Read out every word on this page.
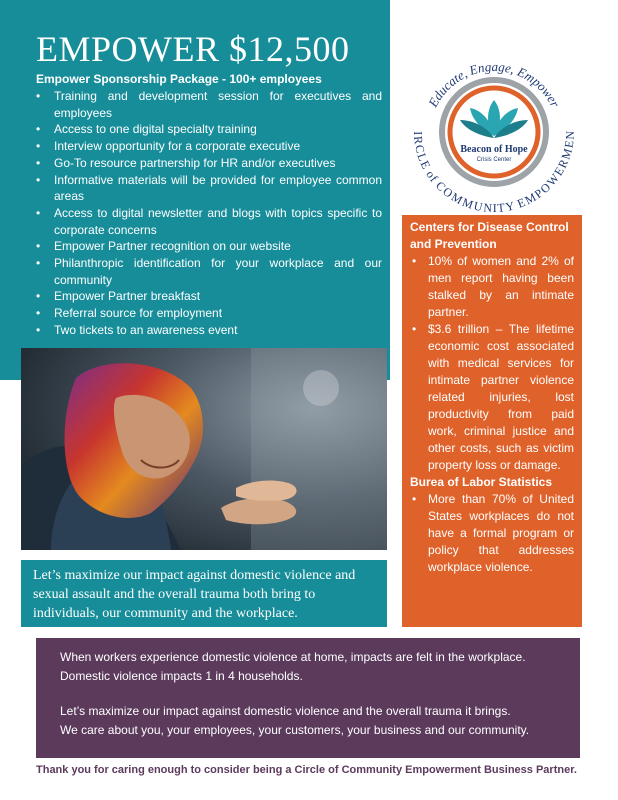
EMPOWER $12,500
Empower Sponsorship Package - 100+ employees
• Training and development session for executives and employees
• Access to one digital specialty training
• Interview opportunity for a corporate executive
• Go-To resource partnership for HR and/or executives
• Informative materials will be provided for employee common areas
• Access to digital newsletter and blogs with topics specific to corporate concerns
• Empower Partner recognition on our website
• Philanthropic identification for your workplace and our community
• Empower Partner breakfast
• Referral source for employment
• Two tickets to an awareness event
Let’s maximize our impact against domestic violence and sexual assault and the overall trauma both bring to individuals, our community and the workplace.
Beacon of Hope
Crisis Center
Educate, Engage, Empower
IRCLE of COMMUNITY EMPOWERMEN
Centers for Disease Control and Prevention
• 10% of women and 2% of men report having been stalked by an intimate partner.
• $3.6 trillion – The lifetime economic cost associated with medical services for intimate partner violence related injuries, lost productivity from paid work, criminal justice and other costs, such as victim property loss or damage.
Burea of Labor Statistics
• More than 70% of United States workplaces do not have a formal program or policy that addresses workplace violence.

When workers experience domestic violence at home, impacts are felt in the workplace.

Domestic violence impacts 1 in 4 households.

Let’s maximize our impact against domestic violence and the overall trauma it brings.

We care about you, your employees, your customers, your business and our community.

Thank you for caring enough to consider being a Circle of Community Empowerment Business Partner.
